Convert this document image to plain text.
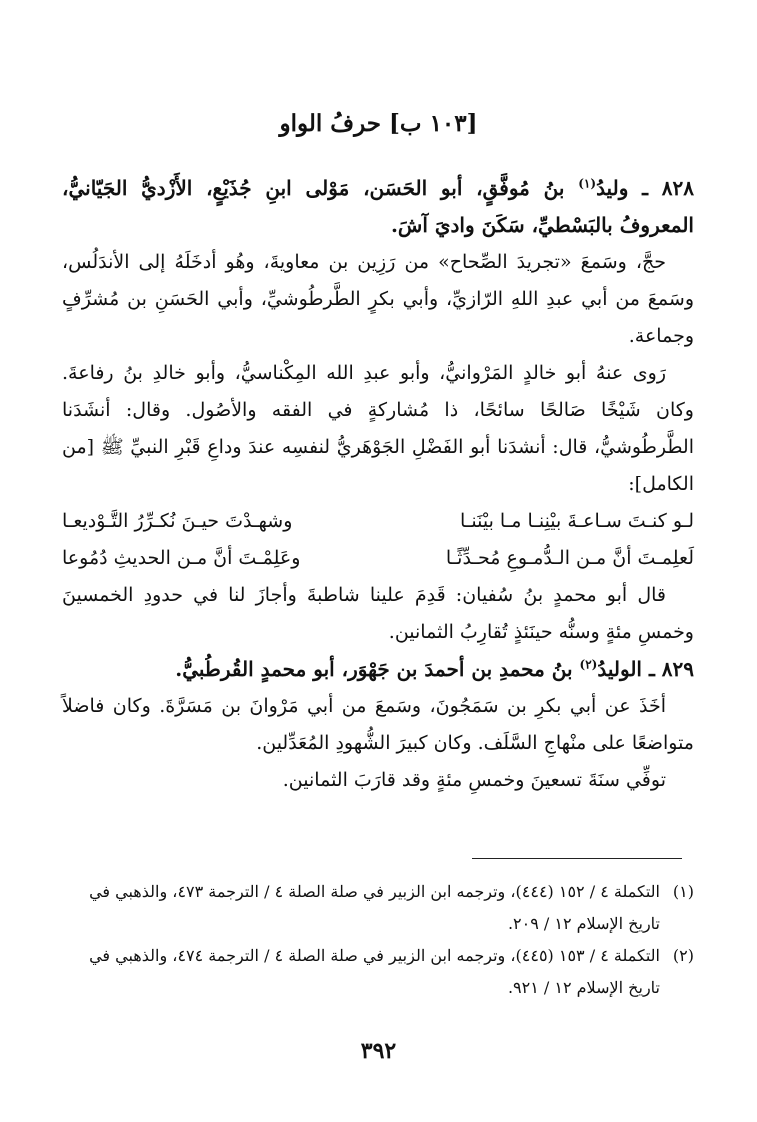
[١٠٣ ب] حرفُ الواو

٨٢٨ ـ وليدُ$^{(١)}$ بنُ مُوفَّقٍ، أبو الحَسَن، مَوْلى ابنِ جُذَيْعٍ، الأَزْديُّ الجَيّانيُّ، المعروفُ بالبَسْطيِّ، سَكَنَ واديَ آشَ.

حجَّ، وسَمعَ «تجريدَ الصِّحاح» من رَزِين بن معاويةَ، وهُو أدخَلَهُ إلى الأندَلُس، وسَمعَ من أبي عبدِ اللهِ الرّازيِّ، وأبي بكرٍ الطَّرطُوشيِّ، وأبي الحَسَنِ بن مُشرِّفٍ وجماعة.

رَوى عنهُ أبو خالدٍ المَرْوانيُّ، وأبو عبدِ الله المِكْناسيُّ، وأبو خالدِ بنُ رفاعةَ. وكان شَيْخًا صَالحًا سائحًا، ذا مُشاركةٍ في الفقه والأصُول. وقال: أنشَدَنا الطَّرطُوشيُّ، قال: أنشدَنا أبو الفَضْلِ الجَوْهَريُّ لنفسِه عندَ وداعِ قَبْرِ النبيِّ ﷺ [من الكامل]:

لـو كنـتَ سـاعـةَ بيْنِنـا مـا بيْنَنـا
وشهـدْتَ حيـنَ نُكـرِّرُ التَّـوْديعـا
لَعلِمـتَ أنَّ مـن الـدُّمـوعِ مُحـدِّثًـا
وعَلِمْـتَ أنَّ مـن الحديثِ دُمُوعا

قال أبو محمدٍ بنُ سُفيان: قَدِمَ علينا شاطبةَ وأجازَ لنا في حدودِ الخمسينَ وخمسِ مئةٍ وسنُّه حينَئذٍ تُقارِبُ الثمانين.

٨٢٩ ـ الوليدُ$^{(٢)}$ بنُ محمدِ بن أحمدَ بن جَهْوَر، أبو محمدٍ القُرطُبيُّ.

أخَذَ عن أبي بكرِ بن سَمَجُونَ، وسَمعَ من أبي مَرْوانَ بن مَسَرَّةَ. وكان فاضلاً متواضعًا على منْهاجِ السَّلَف. وكان كبيرَ الشُّهودِ المُعَدِّلين.

توفِّي سنَةَ تسعينَ وخمسِ مئةٍ وقد قارَبَ الثمانين.

(١)
التكملة ٤ / ١٥٢ (٤٤٤)، وترجمه ابن الزبير في صلة الصلة ٤ / الترجمة ٤٧٣، والذهبي في تاريخ الإسلام ١٢ / ٢٠٩.
(٢)
التكملة ٤ / ١٥٣ (٤٤٥)، وترجمه ابن الزبير في صلة الصلة ٤ / الترجمة ٤٧٤، والذهبي في تاريخ الإسلام ١٢ / ٩٢١.
٣٩٢
